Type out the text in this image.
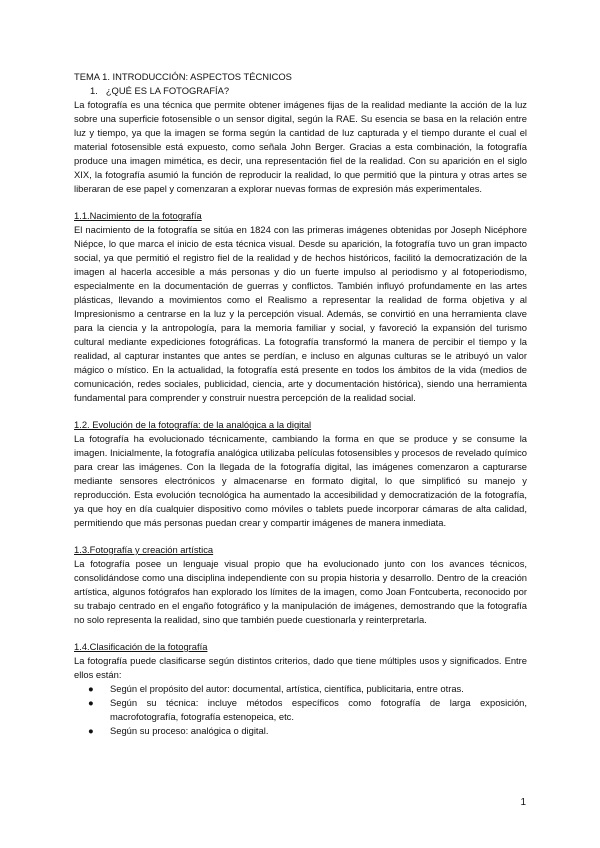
TEMA 1. INTRODUCCIÓN: ASPECTOS TÉCNICOS
1. ¿QUÉ ES LA FOTOGRAFÍA?

La fotografía es una técnica que permite obtener imágenes fijas de la realidad mediante la acción de la luz sobre una superficie fotosensible o un sensor digital, según la RAE. Su esencia se basa en la relación entre luz y tiempo, ya que la imagen se forma según la cantidad de luz capturada y el tiempo durante el cual el material fotosensible está expuesto, como señala John Berger. Gracias a esta combinación, la fotografía produce una imagen mimética, es decir, una representación fiel de la realidad. Con su aparición en el siglo XIX, la fotografía asumió la función de reproducir la realidad, lo que permitió que la pintura y otras artes se liberaran de ese papel y comenzaran a explorar nuevas formas de expresión más experimentales.

1.1.Nacimiento de la fotografía

El nacimiento de la fotografía se sitúa en 1824 con las primeras imágenes obtenidas por Joseph Nicéphore Niépce, lo que marca el inicio de esta técnica visual. Desde su aparición, la fotografía tuvo un gran impacto social, ya que permitió el registro fiel de la realidad y de hechos históricos, facilitó la democratización de la imagen al hacerla accesible a más personas y dio un fuerte impulso al periodismo y al fotoperiodismo, especialmente en la documentación de guerras y conflictos. También influyó profundamente en las artes plásticas, llevando a movimientos como el Realismo a representar la realidad de forma objetiva y al Impresionismo a centrarse en la luz y la percepción visual. Además, se convirtió en una herramienta clave para la ciencia y la antropología, para la memoria familiar y social, y favoreció la expansión del turismo cultural mediante expediciones fotográficas. La fotografía transformó la manera de percibir el tiempo y la realidad, al capturar instantes que antes se perdían, e incluso en algunas culturas se le atribuyó un valor mágico o místico. En la actualidad, la fotografía está presente en todos los ámbitos de la vida (medios de comunicación, redes sociales, publicidad, ciencia, arte y documentación histórica), siendo una herramienta fundamental para comprender y construir nuestra percepción de la realidad social.

1.2. Evolución de la fotografía: de la analógica a la digital

La fotografía ha evolucionado técnicamente, cambiando la forma en que se produce y se consume la imagen. Inicialmente, la fotografía analógica utilizaba películas fotosensibles y procesos de revelado químico para crear las imágenes. Con la llegada de la fotografía digital, las imágenes comenzaron a capturarse mediante sensores electrónicos y almacenarse en formato digital, lo que simplificó su manejo y reproducción. Esta evolución tecnológica ha aumentado la accesibilidad y democratización de la fotografía, ya que hoy en día cualquier dispositivo como móviles o tablets puede incorporar cámaras de alta calidad, permitiendo que más personas puedan crear y compartir imágenes de manera inmediata.

1.3.Fotografía y creación artística

La fotografía posee un lenguaje visual propio que ha evolucionado junto con los avances técnicos, consolidándose como una disciplina independiente con su propia historia y desarrollo. Dentro de la creación artística, algunos fotógrafos han explorado los límites de la imagen, como Joan Fontcuberta, reconocido por su trabajo centrado en el engaño fotográfico y la manipulación de imágenes, demostrando que la fotografía no solo representa la realidad, sino que también puede cuestionarla y reinterpretarla.

1.4.Clasificación de la fotografía

La fotografía puede clasificarse según distintos criterios, dado que tiene múltiples usos y significados. Entre ellos están:

● Según el propósito del autor: documental, artística, científica, publicitaria, entre otras.
● Según su técnica: incluye métodos específicos como fotografía de larga exposición, macrofotografía, fotografía estenopeica, etc.
● Según su proceso: analógica o digital.
1
